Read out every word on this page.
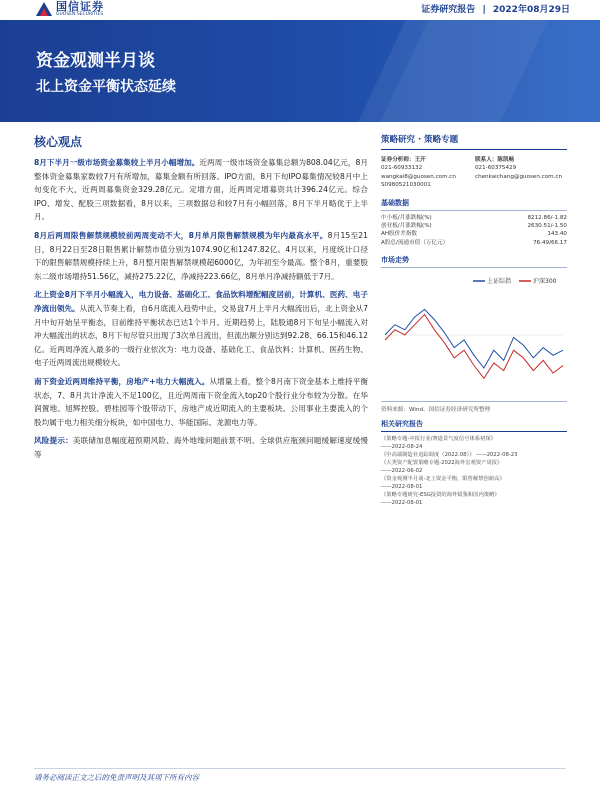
国信证券
GUOSEN SECURITIES	证券研究报告 | 2022年08月29日
资金观测半月谈
北上资金平衡状态延续
核心观点

8月下半月一级市场资金募集较上半月小幅增加。近两周一级市场资金募集总额为808.04亿元，8月整体资金募集家数较7月有所增加，募集金额有所回落。IPO方面，8月下旬IPO募集情况较8月中上旬变化不大，近两周募集资金329.28亿元。定增方面，近两周定增募资共计396.24亿元。综合IPO、增发、配股三项数据看，8月以来，三项数据总和较7月有小幅回落，8月下半月略优于上半月。

8月后两周限售解禁规模较前两周变动不大，8月单月限售解禁规模为年内最高水平。8月15至21日，8月22日至28日限售累计解禁市值分别为1074.90亿和1247.82亿。4月以来，月度统计口径下的限售解禁规模持续上升，8月整月限售解禁规模超6000亿，为年初至今最高。整个8月，重要股东二级市场增持51.56亿，减持275.22亿，净减持223.66亿，8月单月净减持额低于7月。

北上资金8月下半月小幅流入，电力设备、基础化工、食品饮料增配幅度居前，计算机、医药、电子净流出领先。从流入节奏上看，自6月底流入趋势中止，交易盘7月上半月大幅流出后，北上资金从7月中旬开始呈平衡态，目前维持平衡状态已达1个半月。近期趋势上，陆股通8月下旬呈小幅流入对冲大幅流出的状态，8月下旬尽管只出现了3次单日流出，但流出额分别达到92.28、66.15和46.12亿。近两周净流入最多的一级行业依次为：电力设备、基础化工、食品饮料；计算机、医药生物、电子近两周流出规模较大。

南下资金近两周维持平衡，房地产+电力大幅流入。从增量上看，整个8月南下资金基本上维持平衡状态，7、8月共计净流入不足100亿，且近两周南下资金流入top20个股行业分布较为分散。在华润置地、旭辉控股、碧桂园等个股带动下，房地产成近期流入的主要板块。公用事业主要流入的个股均属于电力相关细分板块，如中国电力、华能国际、龙源电力等。

风险提示：美联储加息幅度超预期风险、海外地缘问题前景不明、全球供应瓶颈问题缓解速度缓慢等

策略研究 · 策略专题
证券分析师：王开
021-60933132
wangkai8@guosen.com.cn
S0980521030001
联系人：陈凯畅
021-60375429
chenkaichang@guosen.com.cn
基础数据
中小板/月涨跌幅(%)	8212.86/-1.82
创业板/月涨跌幅(%)	2630.51/-1.50
AH股价差指数	143.40
A股总/流通市值（万亿元）	76.49/66.17
市场走势
上证综指	沪深300
资料来源：Wind、国信证券经济研究所整理
相关研究报告
《策略专题-中报行业/赛道景气度信号体系初探》
——2022-08-24
《中高端制造业追踪调度（2022.08）》 ——2022-08-23
《大类资产配置策略专题-2022海外宏观资产周报》
——2022-06-02
《资金观测半月谈-北上资金平衡，限售解禁创新高》
——2022-08-01
《策略专题研究-ESG投资的海外镜鉴和国内策略》
——2022-08-01
请务必阅读正文之后的免责声明及其项下所有内容
